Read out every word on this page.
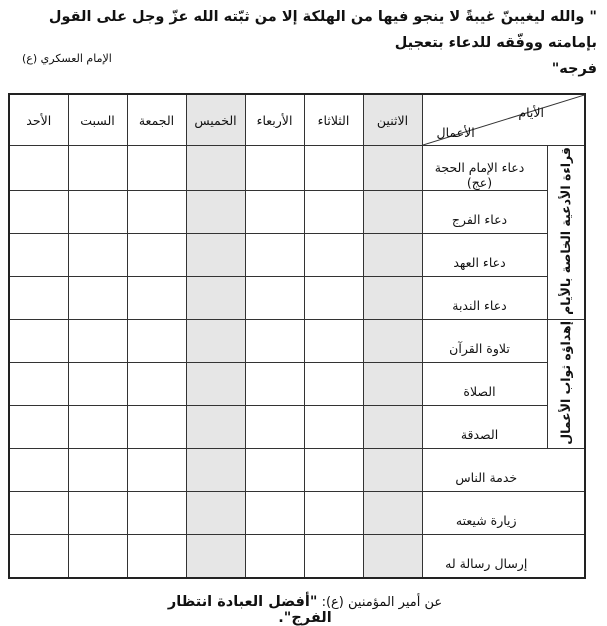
" والله ليغيبنّ غيبةً لا ينجو فيها من الهلكة إلا من ثبّته الله عزّ وجل على القول بإمامته ووفّقه للدعاء بتعجيل
فرجه"
الإمام العسكري (ع)
الأيام
الأعمال		الاثنين	الثلاثاء	الأربعاء	الخميس	الجمعة	السبت	الأحد
قراءة الأدعية الخاصة بالأيام	دعاء الإمام الحجة (عج)							

	دعاء الفرج							

	دعاء العهد							

	دعاء الندبة							

إهداؤه ثواب الأعمال	تلاوة القرآن							

	الصلاة							

	الصدقة							

خدمة الناس								

زيارة شيعته								

إرسال رسالة له								

عن أمير المؤمنين (ع): "أفضل العبادة انتظار الفرج".
